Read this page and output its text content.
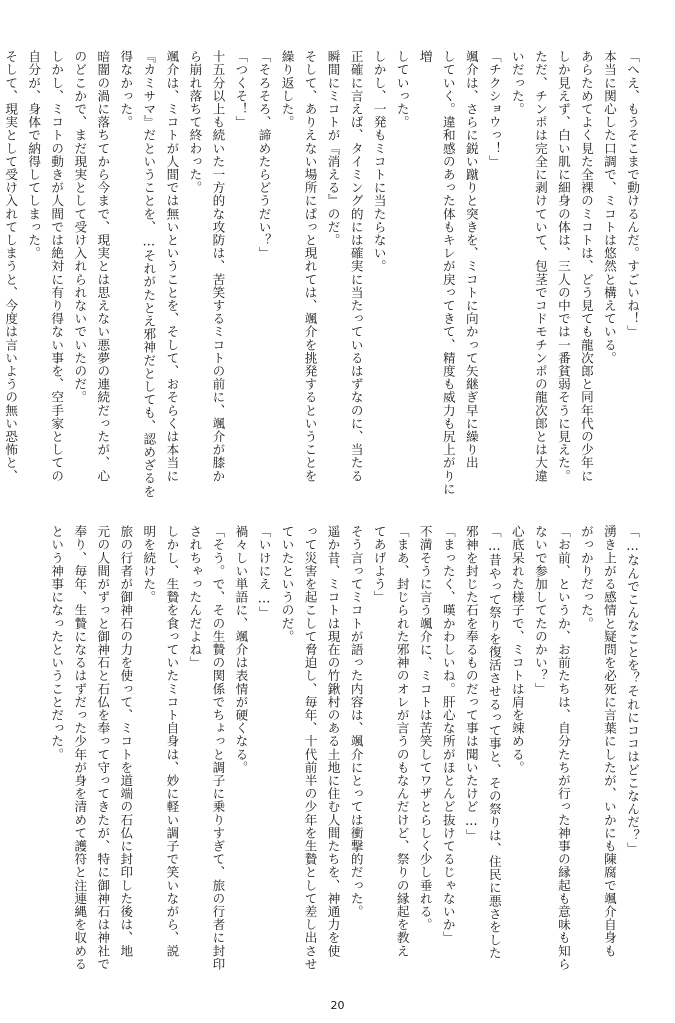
「へえ、もうそこまで動けるんだ。すごいね！」

本当に関心した口調で、ミコトは悠然と構えている。

あらためてよく見た全裸のミコトは、どう見ても龍次郎と同年代の少年に

しか見えず、白い肌に細身の体は、三人の中では一番貧弱そうに見えた。

ただ、チンポは完全に剥けていて、包茎でコドモチンポの龍次郎とは大違

いだった。

「チクショウっ！」

颯介は、さらに鋭い蹴りと突きを、ミコトに向かって矢継ぎ早に繰り出

していく。違和感のあった体もキレが戻ってきて、精度も威力も尻上がりに増

していった。

しかし、一発もミコトに当たらない。

正確に言えば、タイミング的には確実に当たっているはずなのに、当たる

瞬間にミコトが『消える』のだ。

そして、ありえない場所にぱっと現れては、颯介を挑発するということを

繰り返した。

「そろそろ、諦めたらどうだい？」

「つくそ！」

十五分以上も続いた一方的な攻防は、苦笑するミコトの前に、颯介が膝か

ら崩れ落ちて終わった。

颯介は、ミコトが人間では無いということを、そして、おそらくは本当に

『カミサマ』だということを、…それがたとえ邪神だとしても、認めざるを

得なかった。

暗闇の渦に落ちてから今まで、現実とは思えない悪夢の連続だったが、心

のどこかで、まだ現実として受け入れられないでいたのだ。

しかし、ミコトの動きが人間では絶対に有り得ない事を、空手家としての

自分が、身体で納得してしまった。

そして、現実として受け入れてしまうと、今度は言いようの無い恐怖と、

「…なんでこんなことを？それにココはどこなんだ？」

湧き上がる感情と疑問を必死に言葉にしたが、いかにも陳腐で颯介自身も

がっかりだった。

「お前、というか、お前たちは、自分たちが行った神事の縁起も意味も知ら

ないで参加してたのかい？」

心底呆れた様子で、ミコトは肩を竦める。

「…昔やって祭りを復活させるって事と、その祭りは、住民に悪さをした

邪神を封じた石を奉るものだって事は聞いたけど…」

「まったく、嘆かわしいね。肝心な所がほとんど抜けてるじゃないか」

不満そうに言う颯介に、ミコトは苦笑してワザとらしく少し垂れる。

「まあ、封じられた邪神のオレが言うのもなんだけど、祭りの縁起を教え

てあげよう」

そう言ってミコトが語った内容は、颯介にとっては衝撃的だった。

遥か昔、ミコトは現在の竹鍬村のある土地に住む人間たちを、神通力を使

って災害を起こして脅迫し、毎年、十代前半の少年を生贄として差し出させ

ていたというのだ。

「いけにえ…」

禍々しい単語に、颯介は表情が硬くなる。

「そう。で、その生贄の関係でちょっと調子に乗りすぎて、旅の行者に封印

されちゃったんだよね」

しかし、生贄を食っていたミコト自身は、妙に軽い調子で笑いながら、説

明を続けた。

旅の行者が御神石の力を使って、ミコトを道端の石仏に封印した後は、地

元の人間がずっと御神石と石仏を奉って守ってきたが、特に御神石は神社で

奉り、毎年、生贄になるはずだった少年が身を清めて護符と注連縄を収める

という神事になったということだった。

20
